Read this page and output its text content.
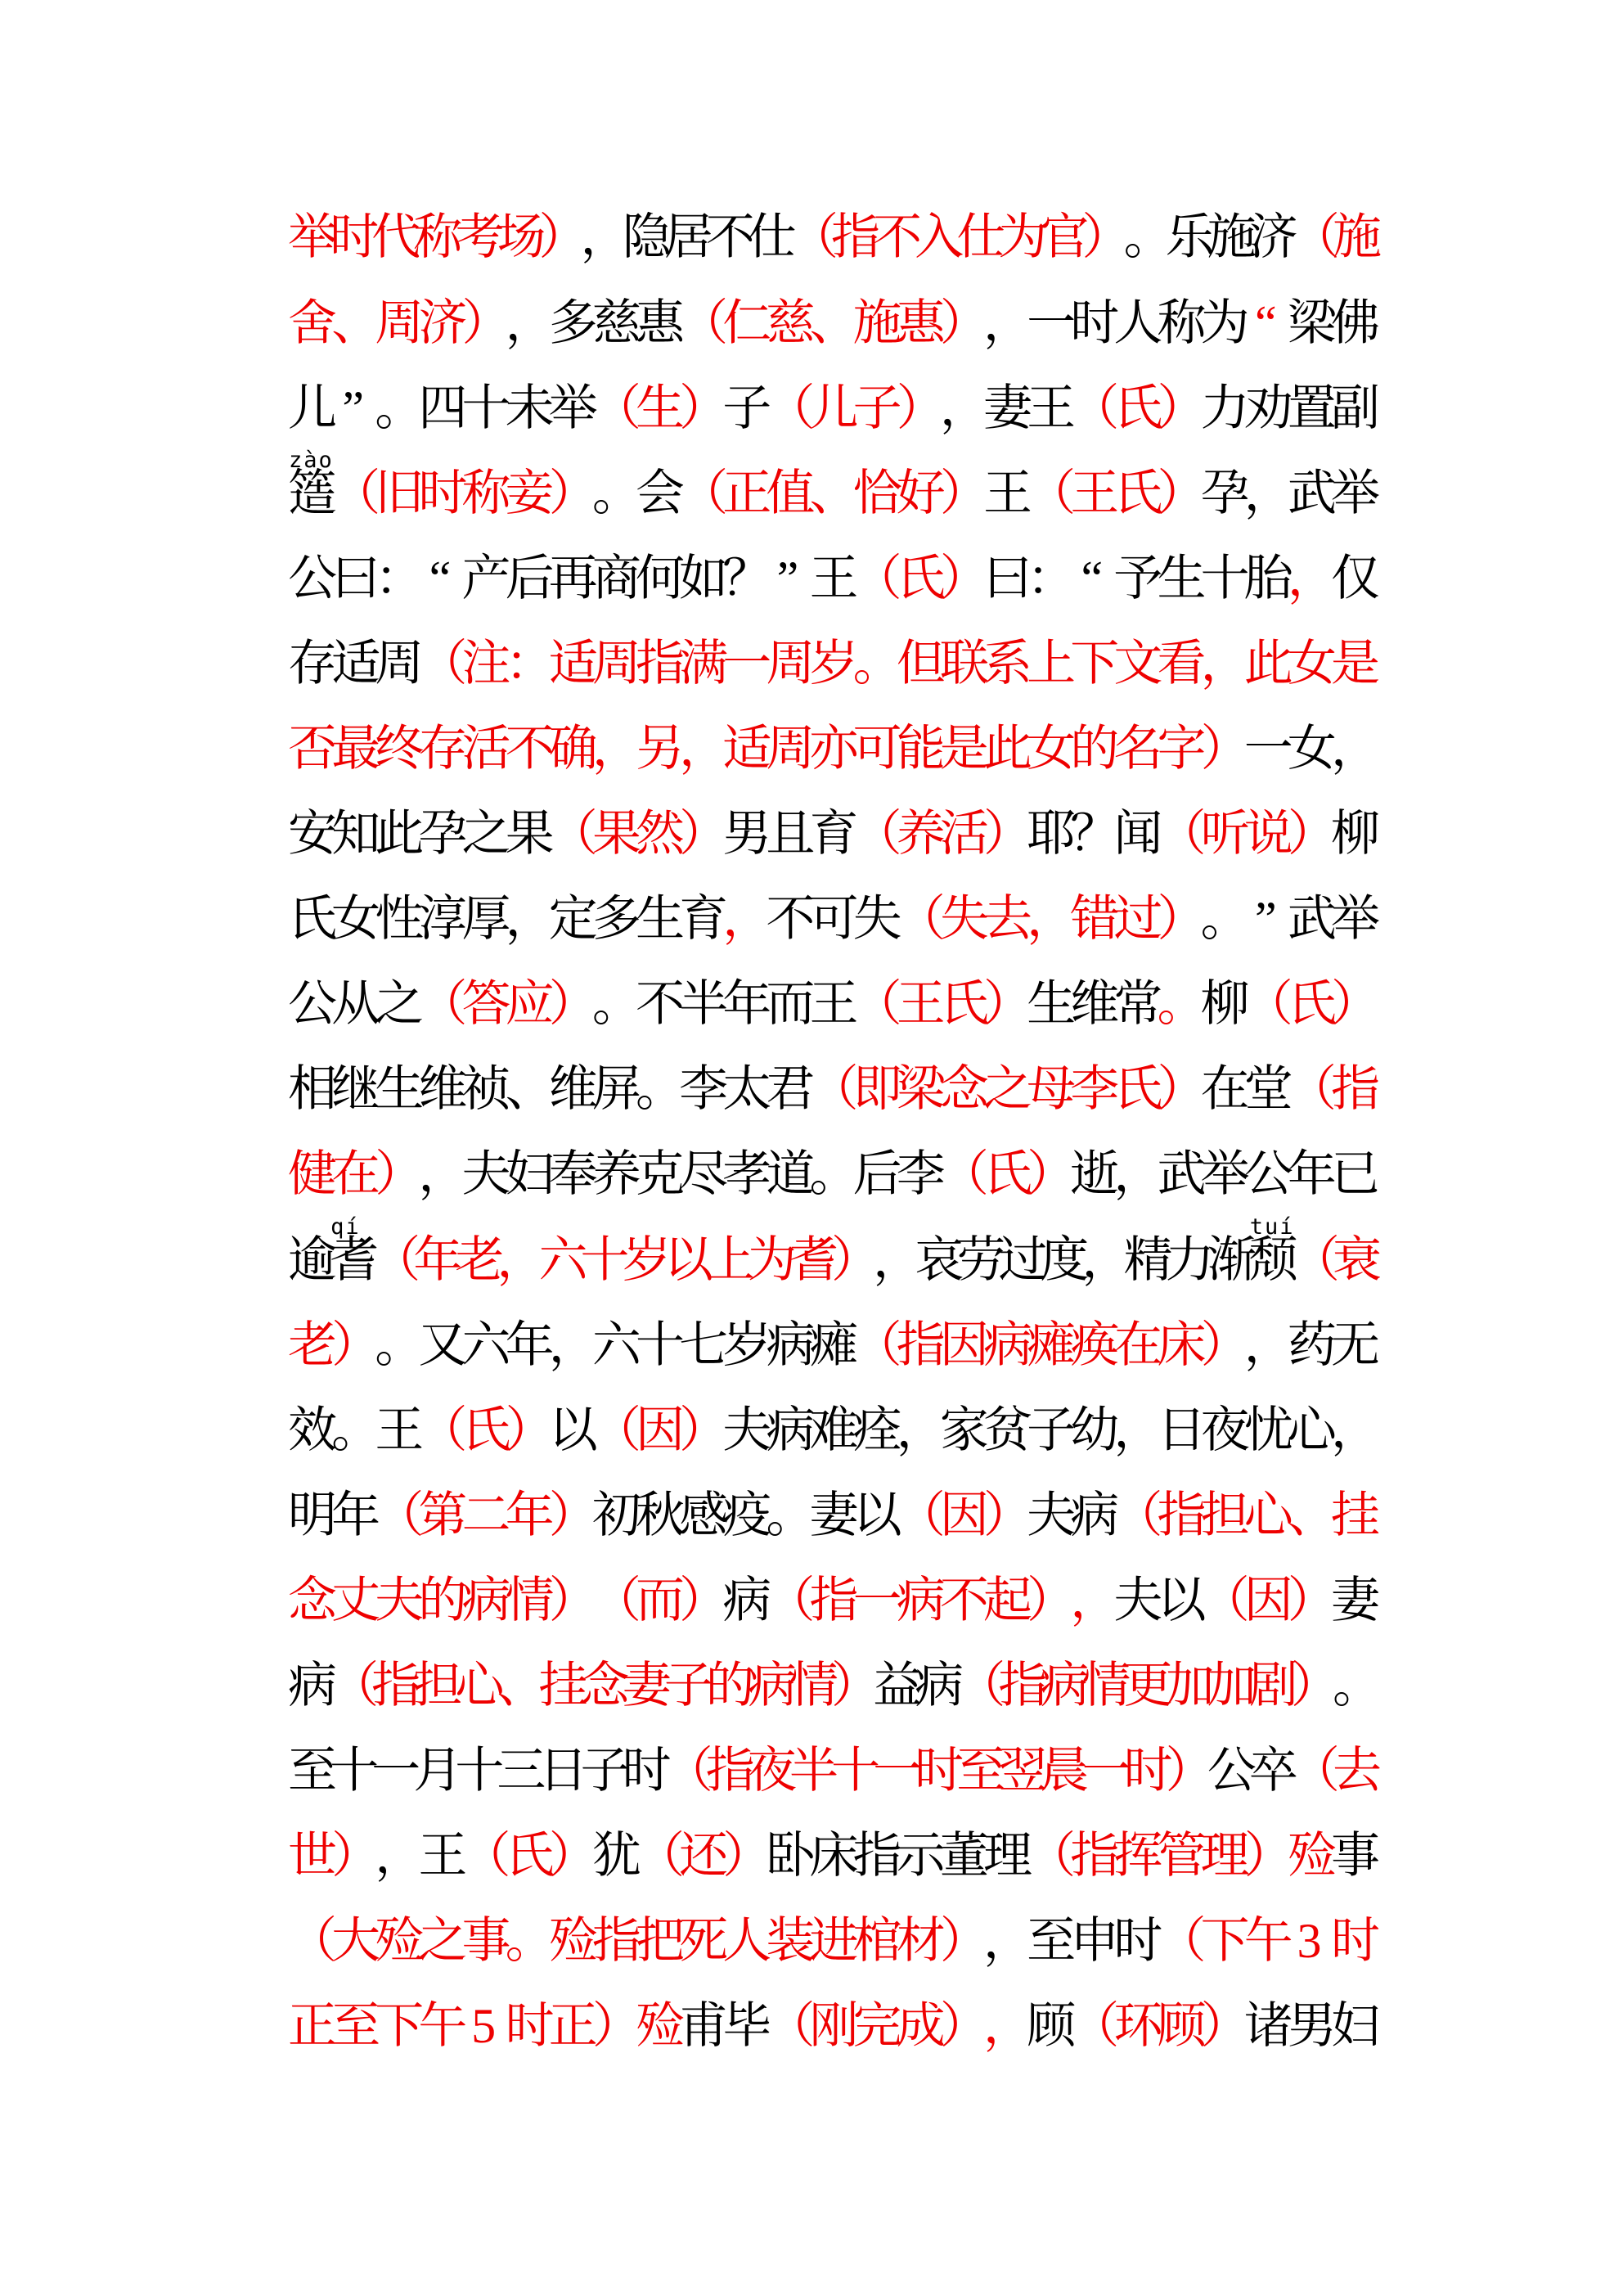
举
时
代
称
考
场
）
，
隐
居
不
仕
（
指
不
入
仕
为
官
）
。
乐
施
济
（
施
舍
、
周
济
）
，
多
慈
惠
（
仁
慈
、
施
惠
）
，
一
时
人
称
为 “ 梁
佛
儿 ” 。
四
十
未
举
（
生
）
子
（
儿
子
）
，
妻
王
（
氏
）
力
劝
置
副
簉
zào
（
旧
时
称
妾
）
。
会
（
正
值
、
恰
好
）
王
（
王
氏
）
孕
，
武
举
公
曰
： “ 产
后
再
商
何
如
？ ” 王
（
氏
）
曰
： “ 予
生
十
胎
，
仅
存
适
周
（
注
：
适
周
指
满
一
周
岁
。
但
联
系
上
下
文
看
，
此
女
是
否
最
终
存
活
不
确
，
另
，
适
周
亦
可
能
是
此
女
的
名
字
）
一
女
，
安
知
此
孕
之
果
（
果
然
）
男
且
育
（
养
活
）
耶
？
闻
（
听
说
）
柳
氏
女
性
淳
厚
，
定
多
生
育
，
不
可
失
（
失
去
，
错
过
）
。 ” 武
举
公
从
之
（
答
应
）
。
不
半
年
而
王
（
王
氏
）
生
维
常
。
柳
（
氏
）
相
继
生
维
祯
、
维
屏
。
李
太
君
（
即
梁
念
之
母
李
氏
）
在
堂
（
指
健
在
）
，
夫
妇
奉
养
克
尽
孝
道
。
后
李
（
氏
）
逝
，
武
举
公
年
已
逾
耆
qí
（
年
老
，
六
十
岁
以
上
为
耆
）
，
哀
劳
过
度
，
精
力
渐
颓
tuí
（
衰
老
）
。
又
六
年
，
六
十
七
岁
病
瘫
（
指
因
病
瘫
痪
在
床
）
，
药
无
效
。
王
（
氏
）
以
（
因
）
夫
病
难
痊
，
家
贫
子
幼
，
日
夜
忧
心
，
明
年
（
第
二
年
）
初
秋
感
疫
。
妻
以
（
因
）
夫
病
（
指
担
心
、
挂
念
丈
夫
的
病
情
）
（
而
）
病
（
指
一
病
不
起
）
，
夫
以
（
因
）
妻
病
（
指
担
心
、
挂
念
妻
子
的
病
情
）
益
病
（
指
病
情
更
加
加
剧
）
。
至
十
一
月
十
三
日
子
时
（
指
夜
半
十
一
时
至
翌
晨
一
时
）
公
卒
（
去
世
）
，
王
（
氏
）
犹
（
还
）
卧
床
指
示
董
理
（
指
挥
管
理
）
殓
事
（
大
殓
之
事
。
殓
指
把
死
人
装
进
棺
材
）
，
至
申
时
（
下
午 3 时
正
至
下
午 5 时
正
）
殓
甫
毕
（
刚
完
成
）
，
顾
（
环
顾
）
诸
男
妇
